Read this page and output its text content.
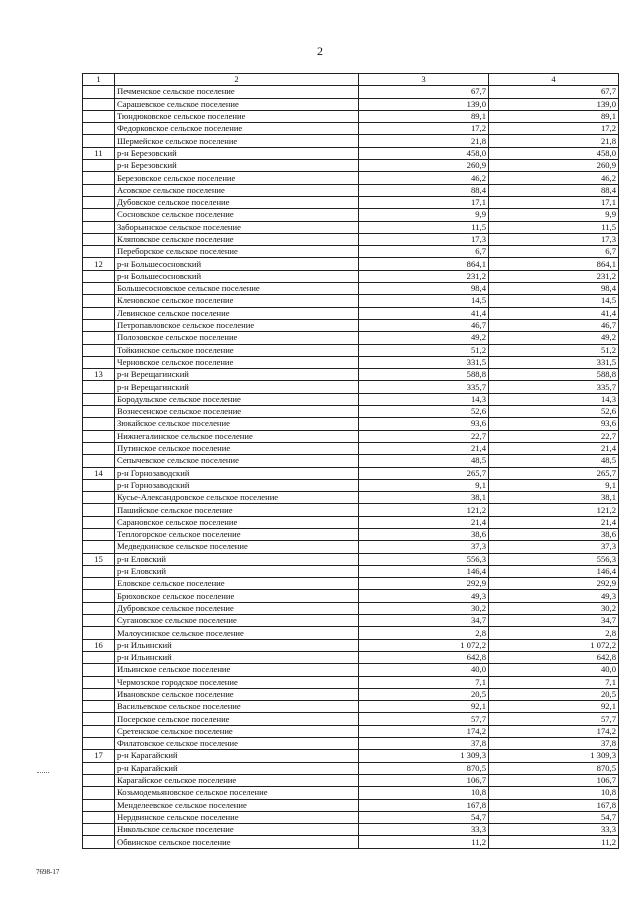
2
1	2	3	4
	Печменское сельское поселение	67,7	67,7
	Сарашевское сельское поселение	139,0	139,0
	Тюндюковское сельское поселение	89,1	89,1
	Федорковское сельское поселение	17,2	17,2
	Шермейское сельское поселение	21,8	21,8
11	р-н Березовский	458,0	458,0
	р-н Березовский	260,9	260,9
	Березовское сельское поселение	46,2	46,2
	Асовское сельское поселение	88,4	88,4
	Дубовское сельское поселение	17,1	17,1
	Сосновское сельское поселение	9,9	9,9
	Заборьинское сельское поселение	11,5	11,5
	Кляповское сельское поселение	17,3	17,3
	Переборское сельское поселение	6,7	6,7
12	р-н Большесосновский	864,1	864,1
	р-н Большесосновский	231,2	231,2
	Большесосновское сельское поселение	98,4	98,4
	Кленовское сельское поселение	14,5	14,5
	Левинское сельское поселение	41,4	41,4
	Петропавловское сельское поселение	46,7	46,7
	Полозовское сельское поселение	49,2	49,2
	Тойкинское сельское поселение	51,2	51,2
	Черновское сельское поселение	331,5	331,5
13	р-н Верещагинский	588,8	588,8
	р-н Верещагинский	335,7	335,7
	Бородульское сельское поселение	14,3	14,3
	Вознесенское сельское поселение	52,6	52,6
	Зюкайское сельское поселение	93,6	93,6
	Нижнегалинское сельское поселение	22,7	22,7
	Путинское сельское поселение	21,4	21,4
	Сепычевское сельское поселение	48,5	48,5
14	р-н Горнозаводский	265,7	265,7
	р-н Горнозаводский	9,1	9,1
	Кусье-Александровское сельское поселение	38,1	38,1
	Пашийское сельское поселение	121,2	121,2
	Сарановское сельское поселение	21,4	21,4
	Теплогорское сельское поселение	38,6	38,6
	Медведкинское сельское поселение	37,3	37,3
15	р-н Еловский	556,3	556,3
	р-н Еловский	146,4	146,4
	Еловское сельское поселение	292,9	292,9
	Брюховское сельское поселение	49,3	49,3
	Дубровское сельское поселение	30,2	30,2
	Сугановское сельское поселение	34,7	34,7
	Малоусинское сельское поселение	2,8	2,8
16	р-н Ильинский	1 072,2	1 072,2
	р-н Ильинский	642,8	642,8
	Ильинское сельское поселение	40,0	40,0
	Чермозское городское поселение	7,1	7,1
	Ивановское сельское поселение	20,5	20,5
	Васильевское сельское поселение	92,1	92,1
	Посерское сельское поселение	57,7	57,7
	Сретенское сельское поселение	174,2	174,2
	Филатовское сельское поселение	37,8	37,8
17	р-н Карагайский	1 309,3	1 309,3
	р-н Карагайский	870,5	870,5
	Карагайское сельское поселение	106,7	106,7
	Козьмодемьяновское сельское поселение	10,8	10,8
	Менделеевское сельское поселение	167,8	167,8
	Нердвинское сельское поселение	54,7	54,7
	Никольское сельское поселение	33,3	33,3
	Обвинское сельское поселение	11,2	11,2
7698-17
